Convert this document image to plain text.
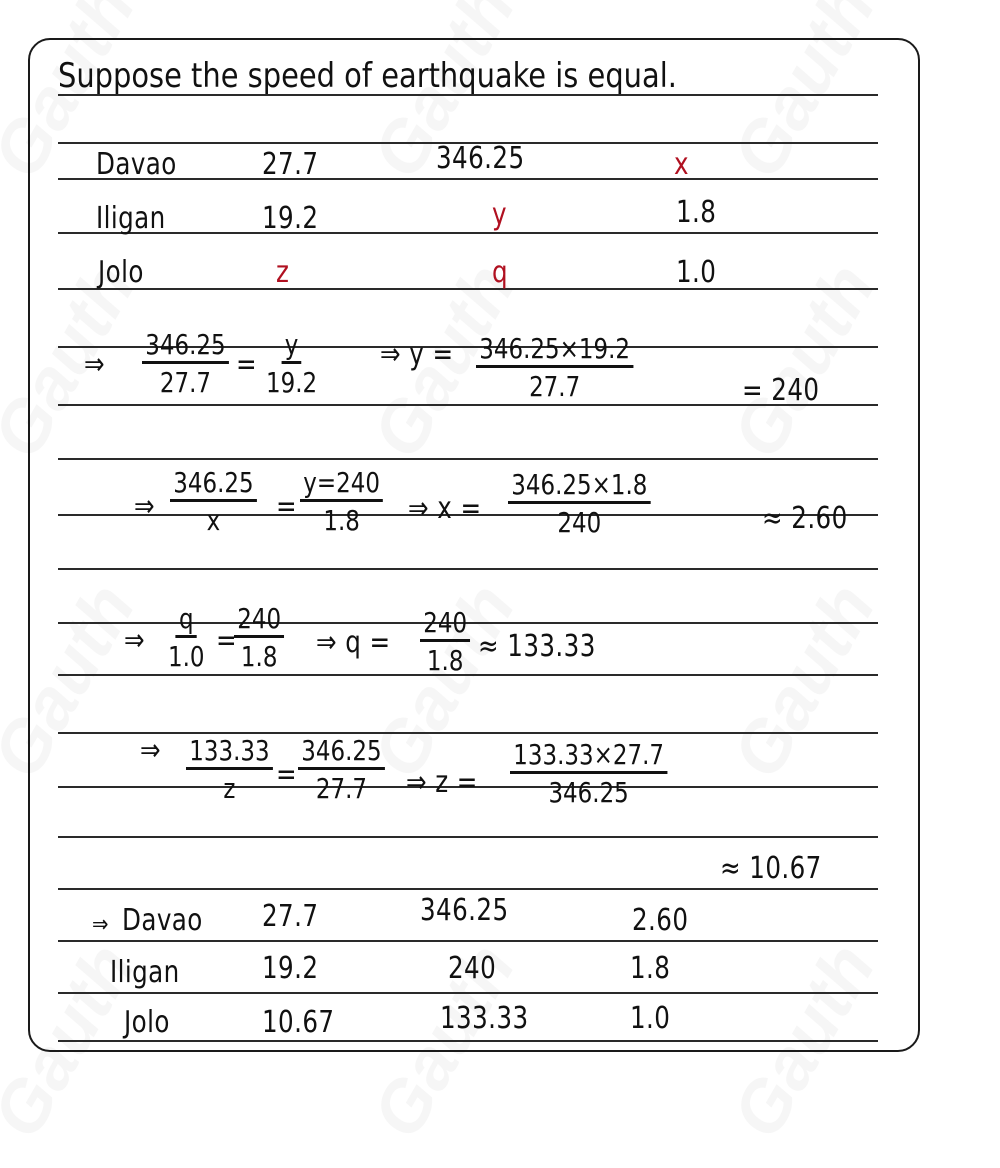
Suppose the speed of earthquake is equal.
Davao	27.7	346.25	x
Iligan	19.2	y	1.8
Jolo	z	q	1.0
⇒ $\frac{346.25}{27.7} = \frac{y}{19.2}$ ⇒ $y = \frac{346.25\times 19.2}{27.7}$	= 240
⇒ $\frac{346.25}{x} = \frac{y=240}{1.8}$ ⇒ $x = \frac{346.25\times 1.8}{240}$	≈ 2.60
⇒ $\frac{q}{1.0}$ =
$\frac{240}{1.8}$ ⇒ $q = \frac{240}{1.8} \approx 133.33$
⇒ $\frac{133.33}{z} = \frac{346.25}{27.7}$ ⇒ $z = \frac{133.33\times 27.7}{346.25}$
≈ 10.67
⇒ Davao 27.7	346.25	2.60
Iligan	19.2	240	1.8
Jolo	10.67	133.33	1.0
